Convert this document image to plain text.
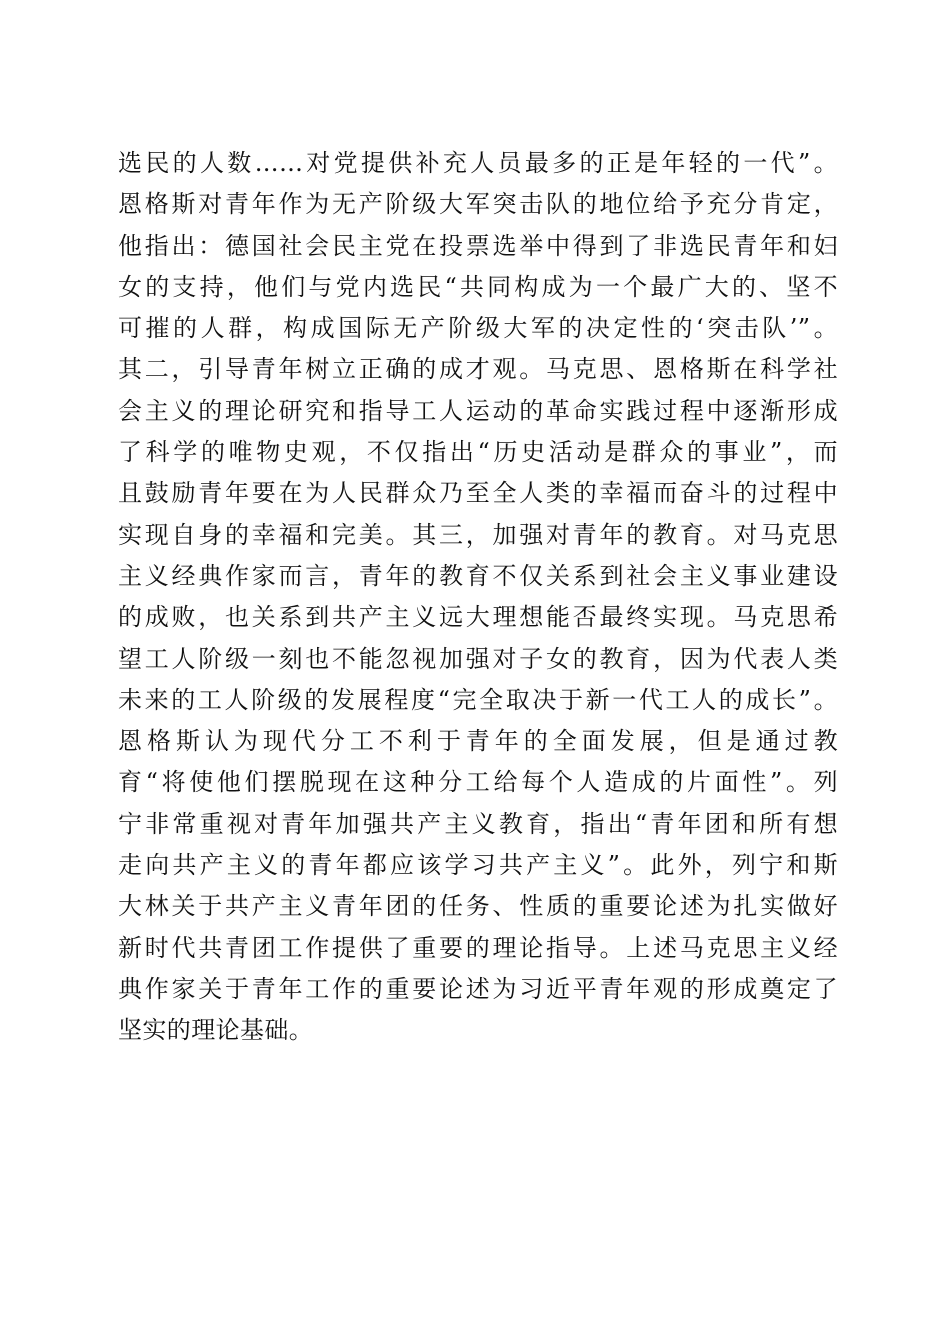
选民的人数……对党提供补充人员最多的正是年轻的一代”。
恩格斯对青年作为无产阶级大军突击队的地位给予充分肯定，
他指出：德国社会民主党在投票选举中得到了非选民青年和妇
女的支持，他们与党内选民“共同构成为一个最广大的、坚不
可摧的人群，构成国际无产阶级大军的决定性的‘突击队’”。
其二，引导青年树立正确的成才观。马克思、恩格斯在科学社
会主义的理论研究和指导工人运动的革命实践过程中逐渐形成
了科学的唯物史观，不仅指出“历史活动是群众的事业”，而
且鼓励青年要在为人民群众乃至全人类的幸福而奋斗的过程中
实现自身的幸福和完美。其三，加强对青年的教育。对马克思
主义经典作家而言，青年的教育不仅关系到社会主义事业建设
的成败，也关系到共产主义远大理想能否最终实现。马克思希
望工人阶级一刻也不能忽视加强对子女的教育，因为代表人类
未来的工人阶级的发展程度“完全取决于新一代工人的成长”。
恩格斯认为现代分工不利于青年的全面发展，但是通过教
育“将使他们摆脱现在这种分工给每个人造成的片面性”。列
宁非常重视对青年加强共产主义教育，指出“青年团和所有想
走向共产主义的青年都应该学习共产主义”。此外，列宁和斯
大林关于共产主义青年团的任务、性质的重要论述为扎实做好
新时代共青团工作提供了重要的理论指导。上述马克思主义经
典作家关于青年工作的重要论述为习近平青年观的形成奠定了
坚实的理论基础。
